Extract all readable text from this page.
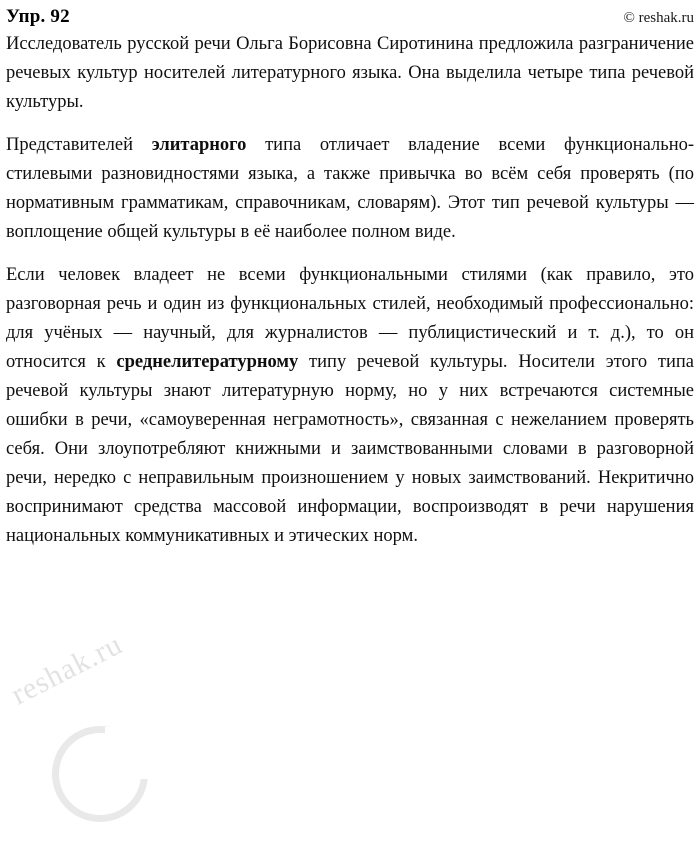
Упр. 92	© reshak.ru
reshak.ru

Исследователь русской речи Ольга Борисовна Сиротинина предложила разграничение речевых культур носителей литературного языка. Она выделила четыре типа речевой культуры.

Представителей элитарного типа отличает владение всеми функционально-стилевыми разновидностями языка, а также привычка во всём себя проверять (по нормативным грамматикам, справочникам, словарям). Этот тип речевой культуры — воплощение общей культуры в её наиболее полном виде.

Если человек владеет не всеми функциональными стилями (как правило, это разговорная речь и один из функциональных стилей, необходимый профессионально: для учёных — научный, для журналистов — публицистический и т. д.), то он относится к среднелитературному типу речевой культуры. Носители этого типа речевой культуры знают литературную норму, но у них встречаются системные ошибки в речи, «самоуверенная неграмотность», связанная с нежеланием проверять себя. Они злоупотребляют книжными и заимствованными словами в разговорной речи, нередко с неправильным произношением у новых заимствований. Некритично воспринимают средства массовой информации, воспроизводят в речи нарушения национальных коммуникативных и этических норм.
